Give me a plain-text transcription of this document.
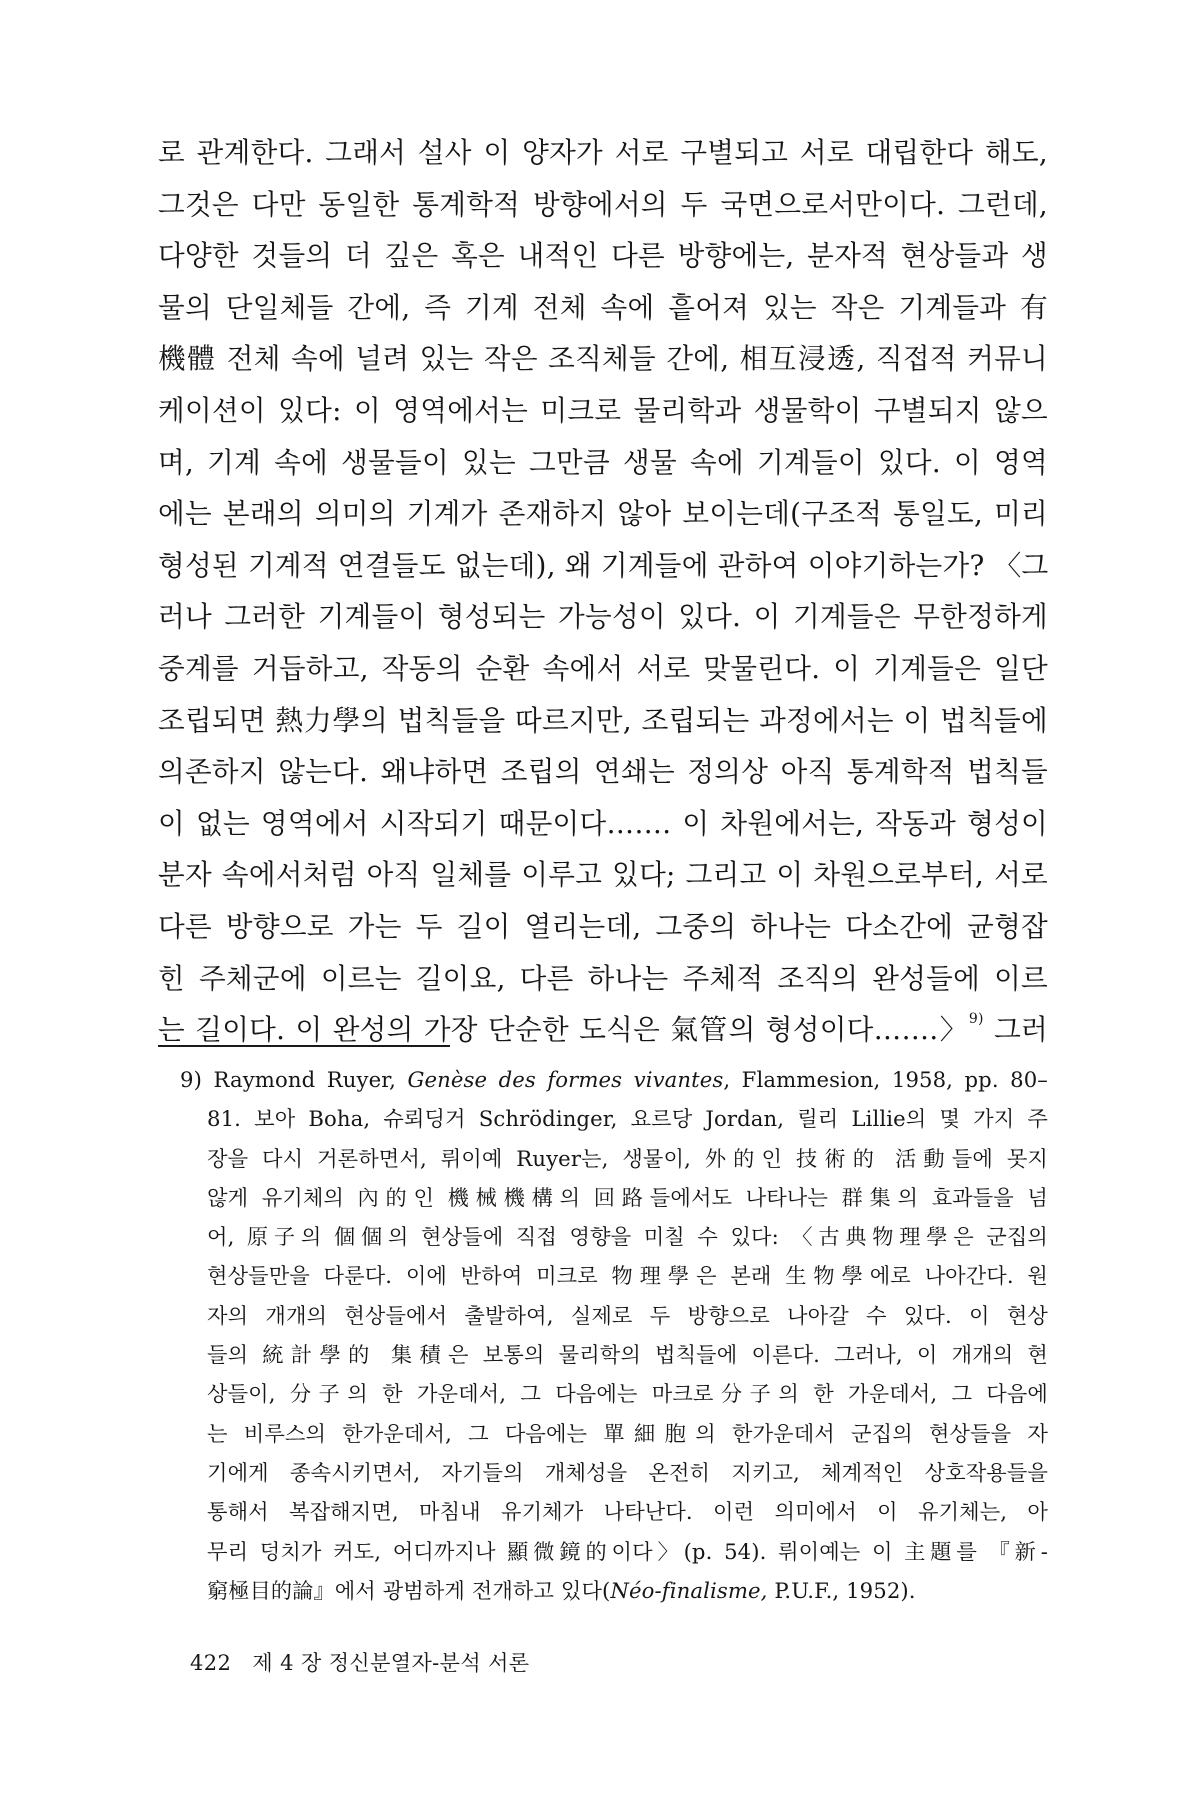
로 관계한다. 그래서 설사 이 양자가 서로 구별되고 서로 대립한다 해도,
그것은 다만 동일한 통계학적 방향에서의 두 국면으로서만이다. 그런데,
다양한 것들의 더 깊은 혹은 내적인 다른 방향에는, 분자적 현상들과 생
물의 단일체들 간에, 즉 기계 전체 속에 흩어져 있는 작은 기계들과 有
機體 전체 속에 널려 있는 작은 조직체들 간에, 相互浸透, 직접적 커뮤니
케이션이 있다: 이 영역에서는 미크로 물리학과 생물학이 구별되지 않으
며, 기계 속에 생물들이 있는 그만큼 생물 속에 기계들이 있다. 이 영역
에는 본래의 의미의 기계가 존재하지 않아 보이는데(구조적 통일도, 미리
형성된 기계적 연결들도 없는데), 왜 기계들에 관하여 이야기하는가? 〈그
러나 그러한 기계들이 형성되는 가능성이 있다. 이 기계들은 무한정하게
중계를 거듭하고, 작동의 순환 속에서 서로 맞물린다. 이 기계들은 일단
조립되면 熱力學의 법칙들을 따르지만, 조립되는 과정에서는 이 법칙들에
의존하지 않는다. 왜냐하면 조립의 연쇄는 정의상 아직 통계학적 법칙들
이 없는 영역에서 시작되기 때문이다……. 이 차원에서는, 작동과 형성이
분자 속에서처럼 아직 일체를 이루고 있다; 그리고 이 차원으로부터, 서로
다른 방향으로 가는 두 길이 열리는데, 그중의 하나는 다소간에 균형잡
힌 주체군에 이르는 길이요, 다른 하나는 주체적 조직의 완성들에 이르
는 길이다. 이 완성의 가장 단순한 도식은 氣管의 형성이다…….〉$^{9)}$ 그러
9) Raymond Ruyer, Genèse des formes vivantes, Flammesion, 1958, pp. 80–
81. 보아 Boha, 슈뢰딩거 Schrödinger, 요르당 Jordan, 릴리 Lillie의 몇 가지 주
장을 다시 거론하면서, 뤼이예 Ruyer는, 생물이, 外的인 技術的 活動들에 못지
않게 유기체의 內的인 機械機構의 回路들에서도 나타나는 群集의 효과들을 넘
어, 原子의 個個의 현상들에 직접 영향을 미칠 수 있다: 〈古典物理學은 군집의
현상들만을 다룬다. 이에 반하여 미크로 物理學은 본래 生物學에로 나아간다. 원
자의 개개의 현상들에서 출발하여, 실제로 두 방향으로 나아갈 수 있다. 이 현상
들의 統計學的 集積은 보통의 물리학의 법칙들에 이른다. 그러나, 이 개개의 현
상들이, 分子의 한 가운데서, 그 다음에는 마크로分子의 한 가운데서, 그 다음에
는 비루스의 한가운데서, 그 다음에는 單細胞의 한가운데서 군집의 현상들을 자
기에게 종속시키면서, 자기들의 개체성을 온전히 지키고, 체계적인 상호작용들을
통해서 복잡해지면, 마침내 유기체가 나타난다. 이런 의미에서 이 유기체는, 아
무리 덩치가 커도, 어디까지나 顯微鏡的이다〉(p. 54). 뤼이예는 이 主題를 『新-
窮極目的論』에서 광범하게 전개하고 있다(Néo-finalisme, P.U.F., 1952).
422 제 4 장 정신분열자-분석 서론
